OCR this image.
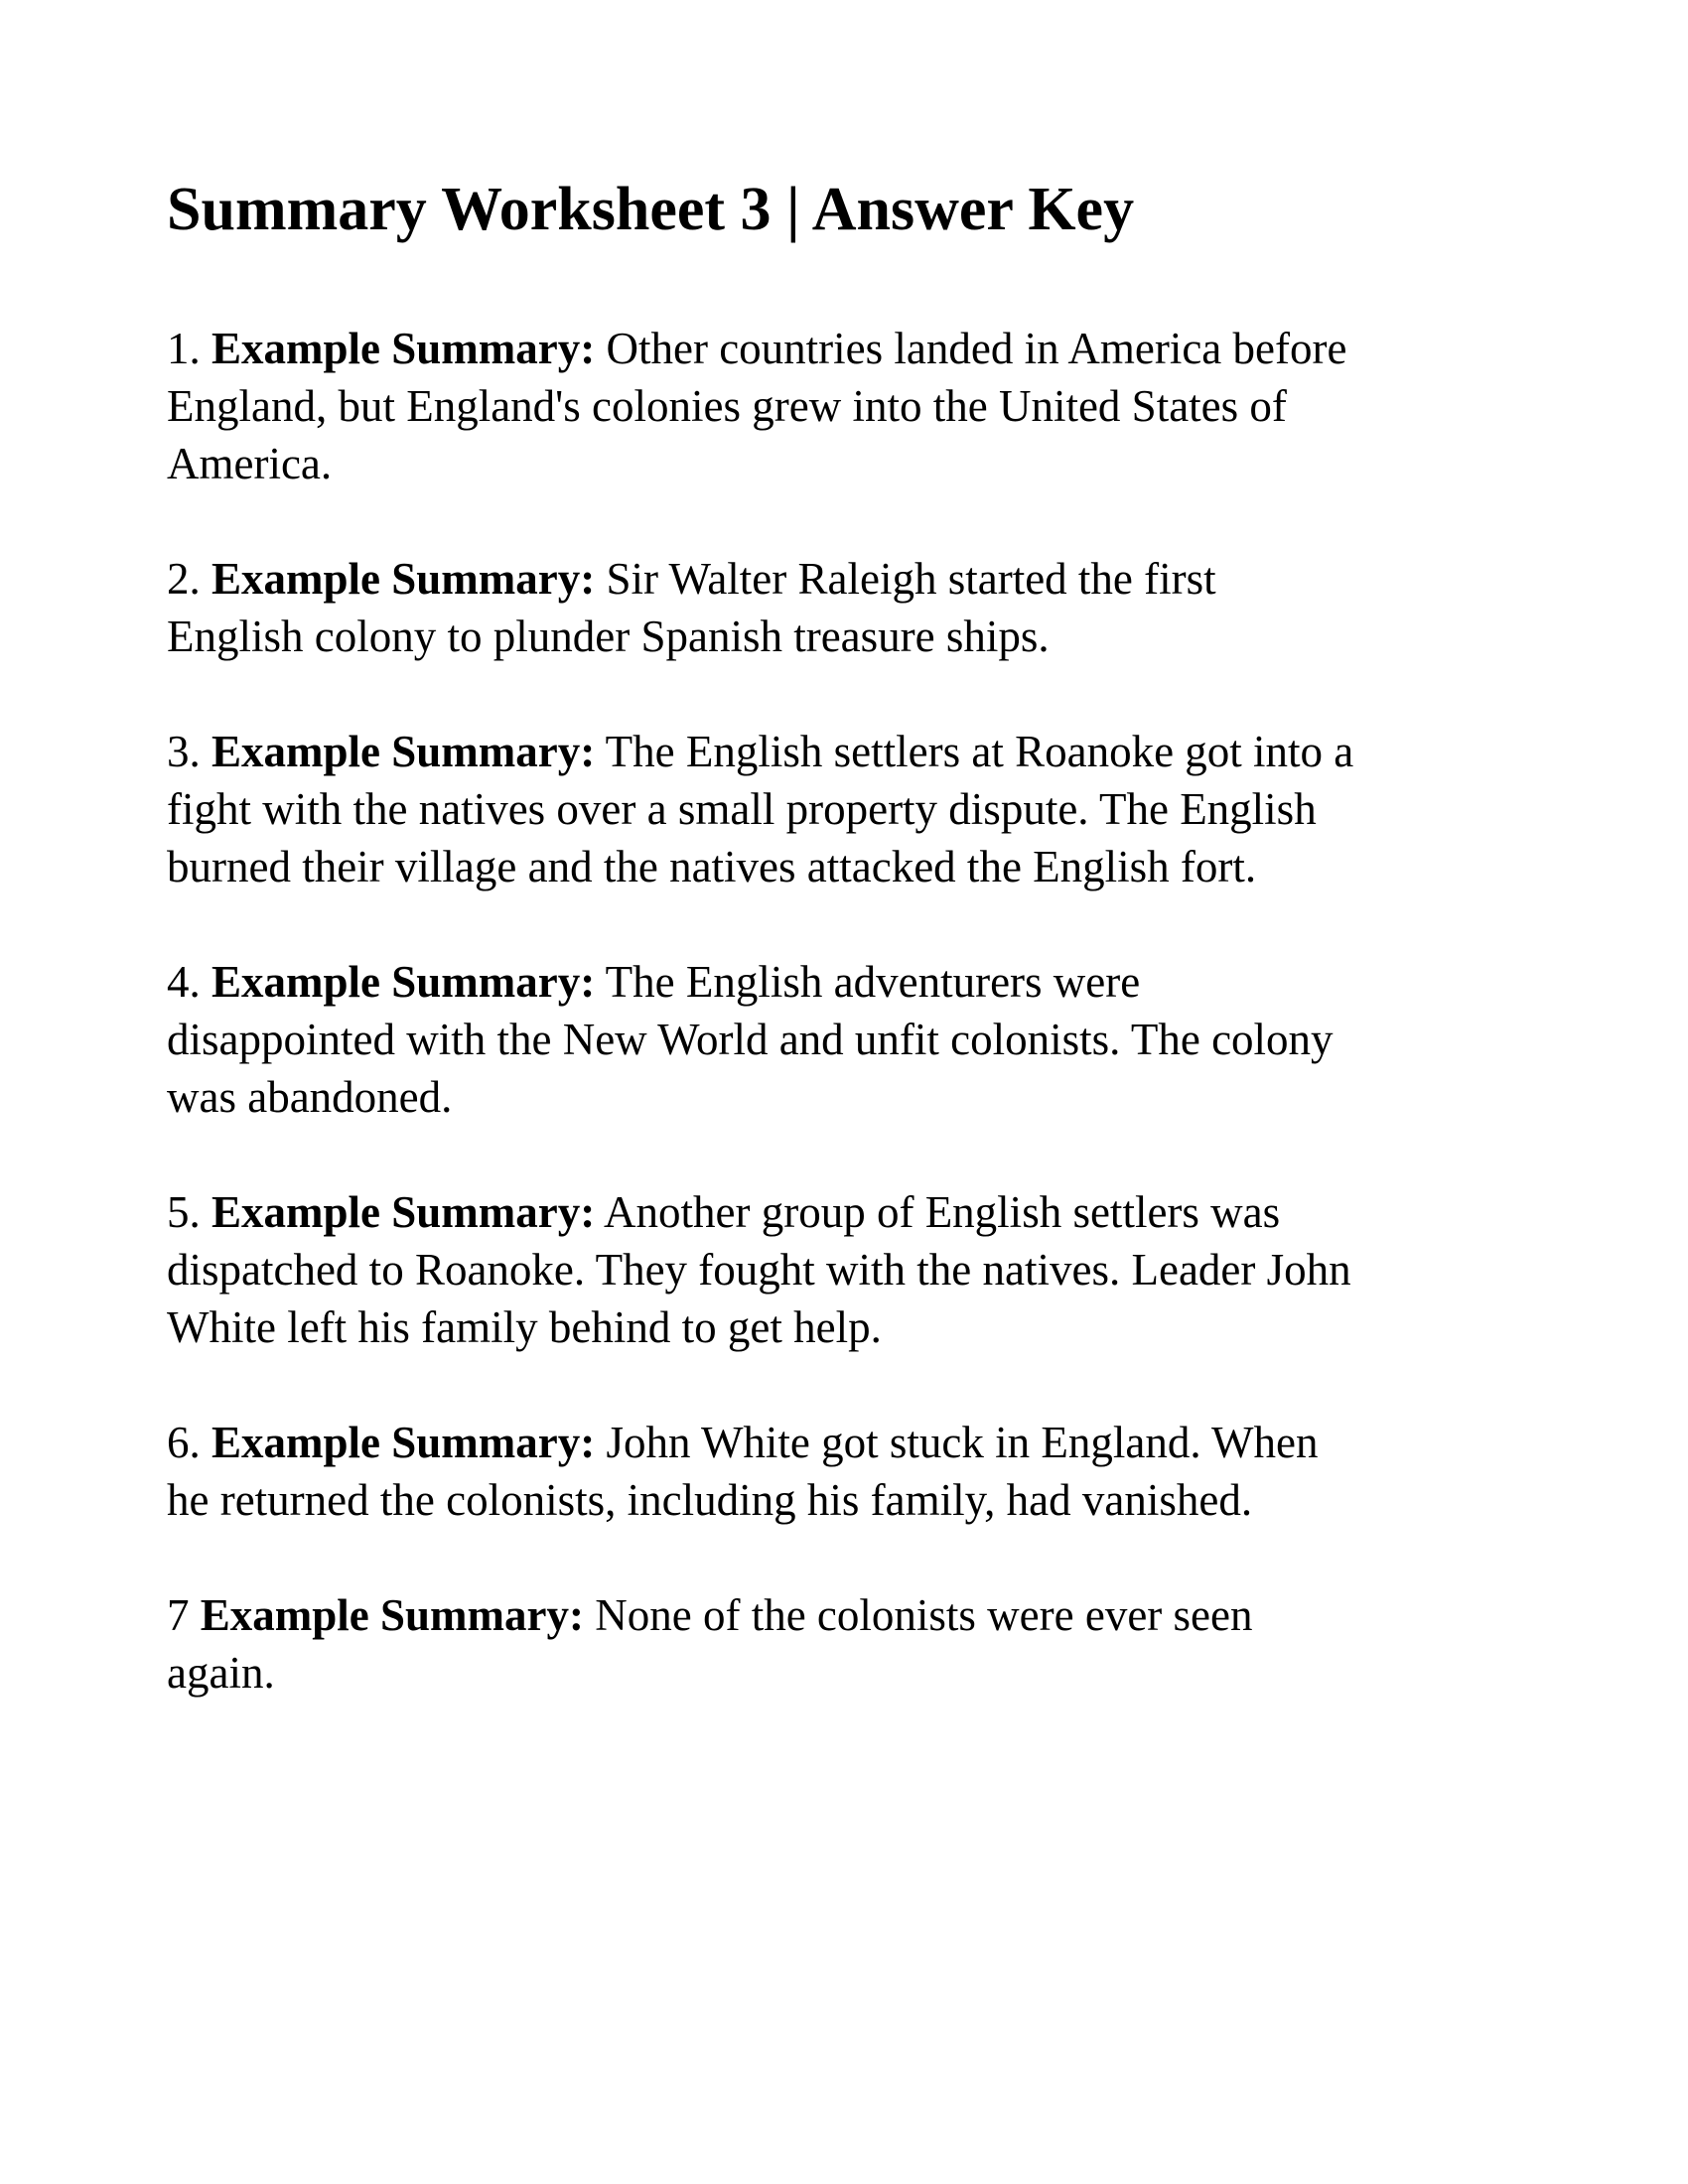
Summary Worksheet 3 | Answer Key
1. Example Summary: Other countries landed in America before
England, but England's colonies grew into the United States of
America.
2. Example Summary: Sir Walter Raleigh started the first
English colony to plunder Spanish treasure ships.
3. Example Summary: The English settlers at Roanoke got into a
fight with the natives over a small property dispute. The English
burned their village and the natives attacked the English fort.
4. Example Summary: The English adventurers were
disappointed with the New World and unfit colonists. The colony
was abandoned.
5. Example Summary: Another group of English settlers was
dispatched to Roanoke. They fought with the natives. Leader John
White left his family behind to get help.
6. Example Summary: John White got stuck in England. When
he returned the colonists, including his family, had vanished.
7 Example Summary: None of the colonists were ever seen
again.
